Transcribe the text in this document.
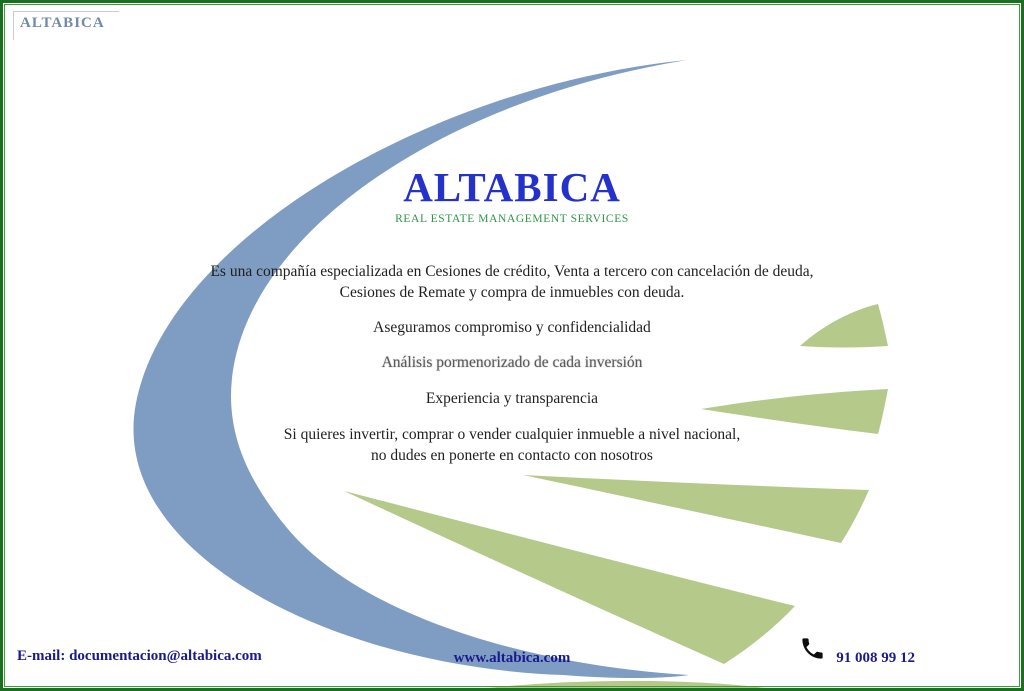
ALTABICA
ALTABICA
REAL ESTATE MANAGEMENT SERVICES
Es una compañía especializada en Cesiones de crédito, Venta a tercero con cancelación de deuda,
Cesiones de Remate y compra de inmuebles con deuda.
Aseguramos compromiso y confidencialidad
Análisis pormenorizado de cada inversión
Experiencia y transparencia
Si quieres invertir, comprar o vender cualquier inmueble a nivel nacional,
no dudes en ponerte en contacto con nosotros
E-mail: documentacion@altabica.com	www.altabica.com	91 008 99 12
